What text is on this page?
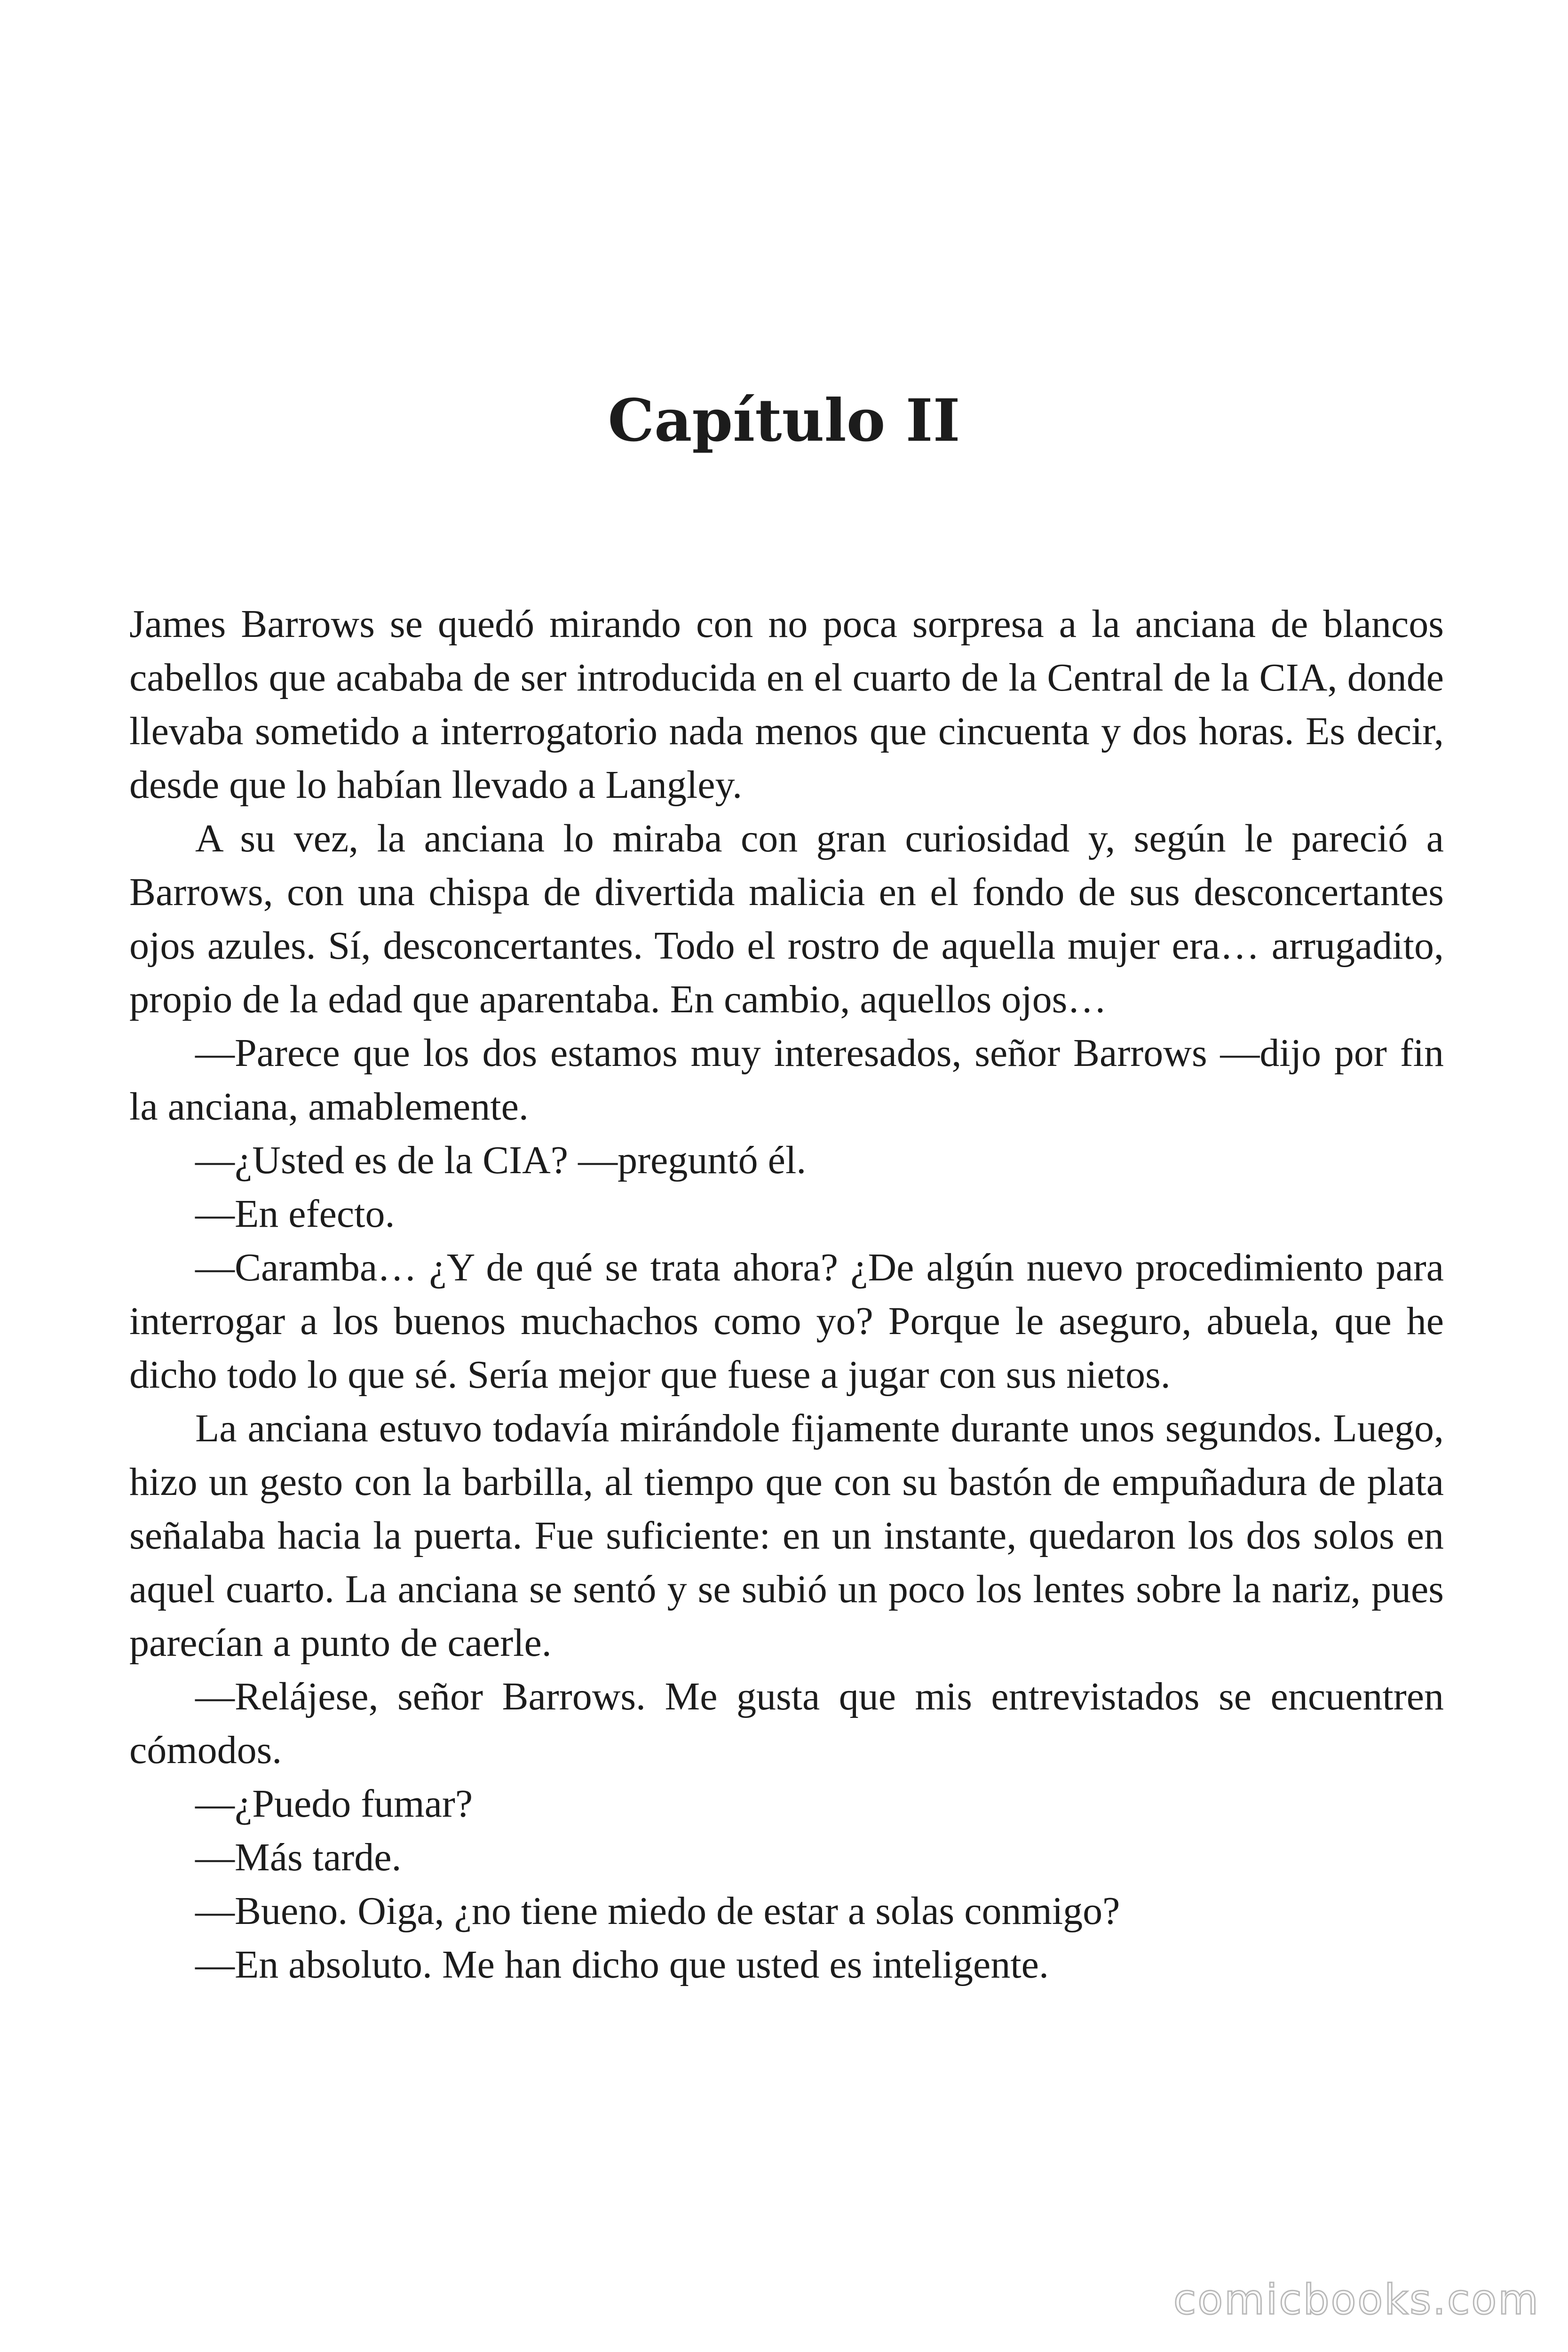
Capítulo II

James Barrows se quedó mirando con no poca sorpresa a la anciana de blancos cabellos que acababa de ser introducida en el cuarto de la Central de la CIA, donde llevaba sometido a interrogatorio nada menos que cincuenta y dos horas. Es decir, desde que lo habían llevado a Langley.

A su vez, la anciana lo miraba con gran curiosidad y, según le pareció a Barrows, con una chispa de divertida malicia en el fondo de sus desconcertantes ojos azules. Sí, desconcertantes. Todo el rostro de aquella mujer era… arrugadito, propio de la edad que aparentaba. En cambio, aquellos ojos…

—Parece que los dos estamos muy interesados, señor Barrows —dijo por fin la anciana, amablemente.

—¿Usted es de la CIA? —preguntó él.

—En efecto.

—Caramba… ¿Y de qué se trata ahora? ¿De algún nuevo procedimiento para interrogar a los buenos muchachos como yo? Porque le aseguro, abuela, que he dicho todo lo que sé. Sería mejor que fuese a jugar con sus nietos.

La anciana estuvo todavía mirándole fijamente durante unos segundos. Luego, hizo un gesto con la barbilla, al tiempo que con su bastón de empuñadura de plata señalaba hacia la puerta. Fue suficiente: en un instante, quedaron los dos solos en aquel cuarto. La anciana se sentó y se subió un poco los lentes sobre la nariz, pues parecían a punto de caerle.

—Relájese, señor Barrows. Me gusta que mis entrevistados se encuentren cómodos.

—¿Puedo fumar?

—Más tarde.

—Bueno. Oiga, ¿no tiene miedo de estar a solas conmigo?

—En absoluto. Me han dicho que usted es inteligente.

comicbooks.com
